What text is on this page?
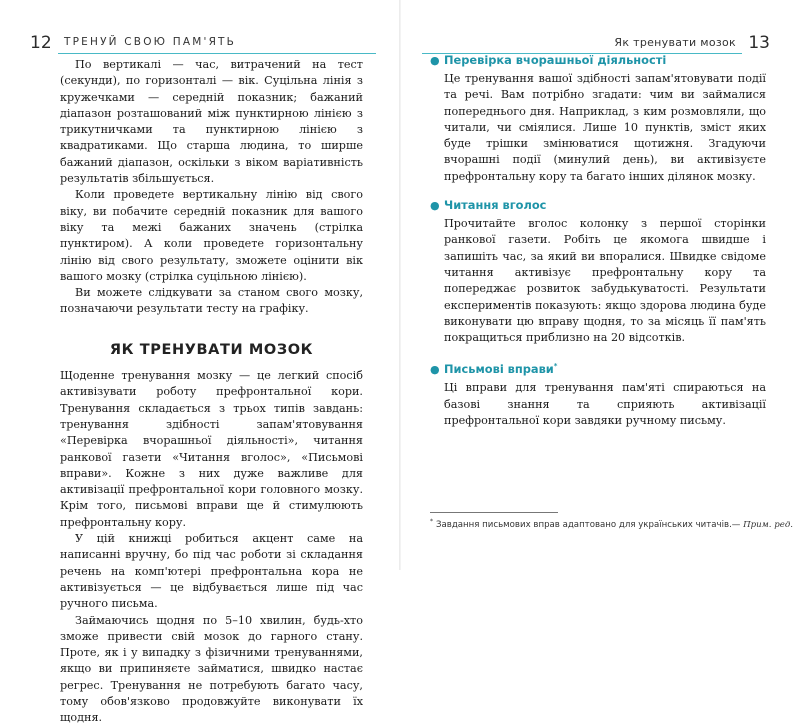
12 ТРЕНУЙ СВОЮ ПАМ'ЯТЬ

По вертикалі — час, витрачений на тест (секунди), по горизонталі — вік. Суцільна лінія з кружечками — середній показник; бажаний діапазон розташований між пунктирною лінією з трикутничками та пунктирною лінією з квадратиками. Що старша людина, то ширше бажаний діапазон, оскільки з віком варіативність результатів збільшується.

Коли проведете вертикальну лінію від свого віку, ви побачите середній показник для вашого віку та межі бажаних значень (стрілка пунктиром). А коли проведете горизонтальну лінію від свого результату, зможете оцінити вік вашого мозку (стрілка суцільною лінією).

Ви можете слідкувати за станом свого мозку, позначаючи результати тесту на графіку.

ЯК ТРЕНУВАТИ МОЗОК

Щоденне тренування мозку — це легкий спосіб активізувати роботу префронтальної кори. Тренування складається з трьох типів завдань: тренування здібності запам'ятовування «Перевірка вчорашньої діяльності», читання ранкової газети «Читання вголос», «Письмові вправи». Кожне з них дуже важливе для активізації префронтальної кори головного мозку. Крім того, письмові вправи ще й стимулюють префронтальну кору.

У цій книжці робиться акцент саме на написанні вручну, бо під час роботи зі складання речень на комп'ютері префронтальна кора не активізується — це відбувається лише під час ручного письма.

Займаючись щодня по 5–10 хвилин, будь-хто зможе привести свій мозок до гарного стану. Проте, як і у випадку з фізичними тренуваннями, якщо ви припиняєте займатися, швидко настає регрес. Тренування не потребують багато часу, тому обов'язково продовжуйте виконувати їх щодня.

Як тренувати мозок 13

● Перевірка вчорашньої діяльності

Це тренування вашої здібності запам'ятовувати події та речі. Вам потрібно згадати: чим ви займалися попереднього дня. Наприклад, з ким розмовляли, що читали, чи сміялися. Лише 10 пунктів, зміст яких буде трішки змінюватися щотижня. Згадуючи вчорашні події (минулий день), ви активізуєте префронтальну кору та багато інших ділянок мозку.

● Читання вголос

Прочитайте вголос колонку з першої сторінки ранкової газети. Робіть це якомога швидше і запишіть час, за який ви впоралися. Швидке свідоме читання активізує префронтальну кору та попереджає розвиток забудькуватості. Результати експериментів показують: якщо здорова людина буде виконувати цю вправу щодня, то за місяць її пам'ять покращиться приблизно на 20 відсотків.

● Письмові вправи*

Ці вправи для тренування пам'яті спираються на базові знання та сприяють активізації префронтальної кори завдяки ручному письму.

* Завдання письмових вправ адаптовано для українських читачів.— Прим. ред.
